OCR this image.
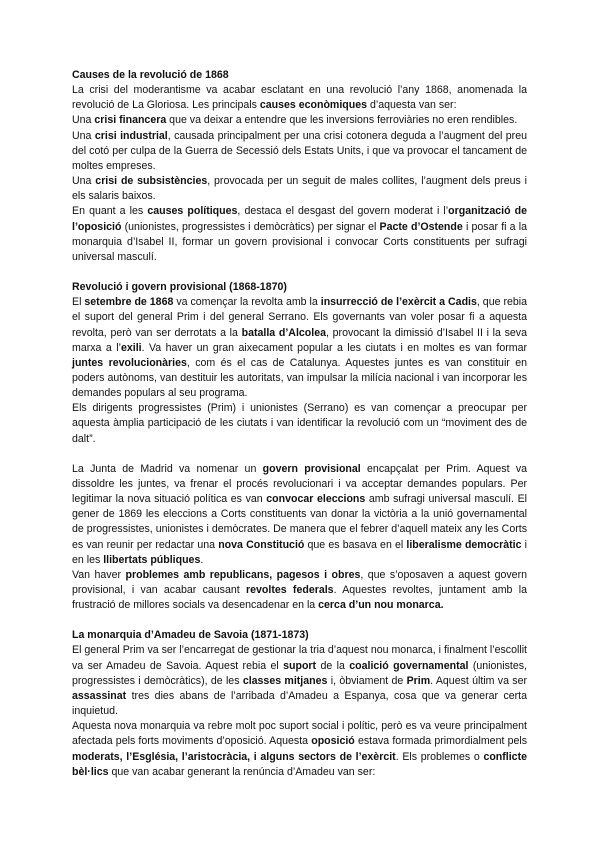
Causes de la revolució de 1868

La crisi del moderantisme va acabar esclatant en una revolució l’any 1868, anomenada la revolució de La Gloriosa. Les principals causes econòmiques d’aquesta van ser:

Una crisi financera que va deixar a entendre que les inversions ferroviàries no eren rendibles.

Una crisi industrial, causada principalment per una crisi cotonera deguda a l’augment del preu del cotó per culpa de la Guerra de Secessió dels Estats Units, i que va provocar el tancament de moltes empreses.

Una crisi de subsistències, provocada per un seguit de males collites, l’augment dels preus i els salaris baixos.

En quant a les causes polítiques, destaca el desgast del govern moderat i l’organització de l’oposició (unionistes, progressistes i demòcràtics) per signar el Pacte d’Ostende i posar fi a la monarquia d’Isabel II, formar un govern provisional i convocar Corts constituents per sufragi universal masculí.

Revolució i govern provisional (1868-1870)

El setembre de 1868 va començar la revolta amb la insurrecció de l’exèrcit a Cadis, que rebia el suport del general Prim i del general Serrano. Els governants van voler posar fi a aquesta revolta, però van ser derrotats a la batalla d’Alcolea, provocant la dimissió d’Isabel II i la seva marxa a l’exili. Va haver un gran aixecament popular a les ciutats i en moltes es van formar juntes revolucionàries, com és el cas de Catalunya. Aquestes juntes es van constituir en poders autònoms, van destituir les autoritats, van impulsar la milícia nacional i van incorporar les demandes populars al seu programa.

Els dirigents progressistes (Prim) i unionistes (Serrano) es van començar a preocupar per aquesta àmplia participació de les ciutats i van identificar la revolució com un “moviment des de dalt”.

La Junta de Madrid va nomenar un govern provisional encapçalat per Prim. Aquest va dissoldre les juntes, va frenar el procés revolucionari i va acceptar demandes populars. Per legitimar la nova situació política es van convocar eleccions amb sufragi universal masculí. El gener de 1869 les eleccions a Corts constituents van donar la victòria a la unió governamental de progressistes, unionistes i demòcrates. De manera que el febrer d’aquell mateix any les Corts es van reunir per redactar una nova Constitució que es basava en el liberalisme democràtic i en les llibertats públiques.

Van haver problemes amb republicans, pagesos i obres, que s’oposaven a aquest govern provisional, i van acabar causant revoltes federals. Aquestes revoltes, juntament amb la frustració de millores socials va desencadenar en la cerca d’un nou monarca.

La monarquia d’Amadeu de Savoia (1871-1873)

El general Prim va ser l’encarregat de gestionar la tria d’aquest nou monarca, i finalment l’escollit va ser Amadeu de Savoia. Aquest rebia el suport de la coalició governamental (unionistes, progressistes i demòcràtics), de les classes mitjanes i, òbviament de Prim. Aquest últim va ser assassinat tres dies abans de l’arribada d’Amadeu a Espanya, cosa que va generar certa inquietud.

Aquesta nova monarquia va rebre molt poc suport social i polític, però es va veure principalment afectada pels forts moviments d’oposició. Aquesta oposició estava formada primordialment pels moderats, l’Església, l’aristocràcia, i alguns sectors de l’exèrcit. Els problemes o conflicte bèl·lics que van acabar generant la renúncia d’Amadeu van ser:
